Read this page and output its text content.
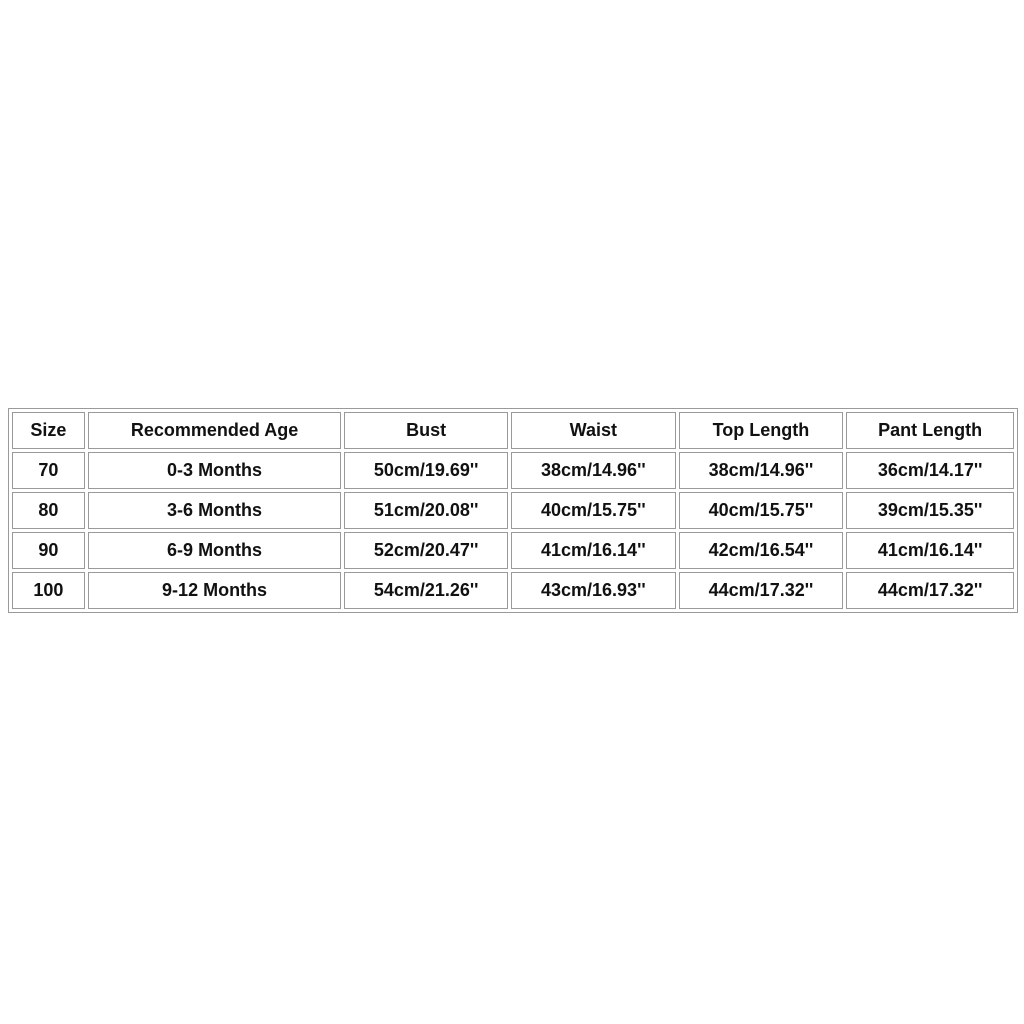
Size	Recommended Age	Bust	Waist	Top Length	Pant Length
70	0-3 Months	50cm/19.69''	38cm/14.96''	38cm/14.96''	36cm/14.17''
80	3-6 Months	51cm/20.08''	40cm/15.75''	40cm/15.75''	39cm/15.35''
90	6-9 Months	52cm/20.47''	41cm/16.14''	42cm/16.54''	41cm/16.14''
100	9-12 Months	54cm/21.26''	43cm/16.93''	44cm/17.32''	44cm/17.32''
